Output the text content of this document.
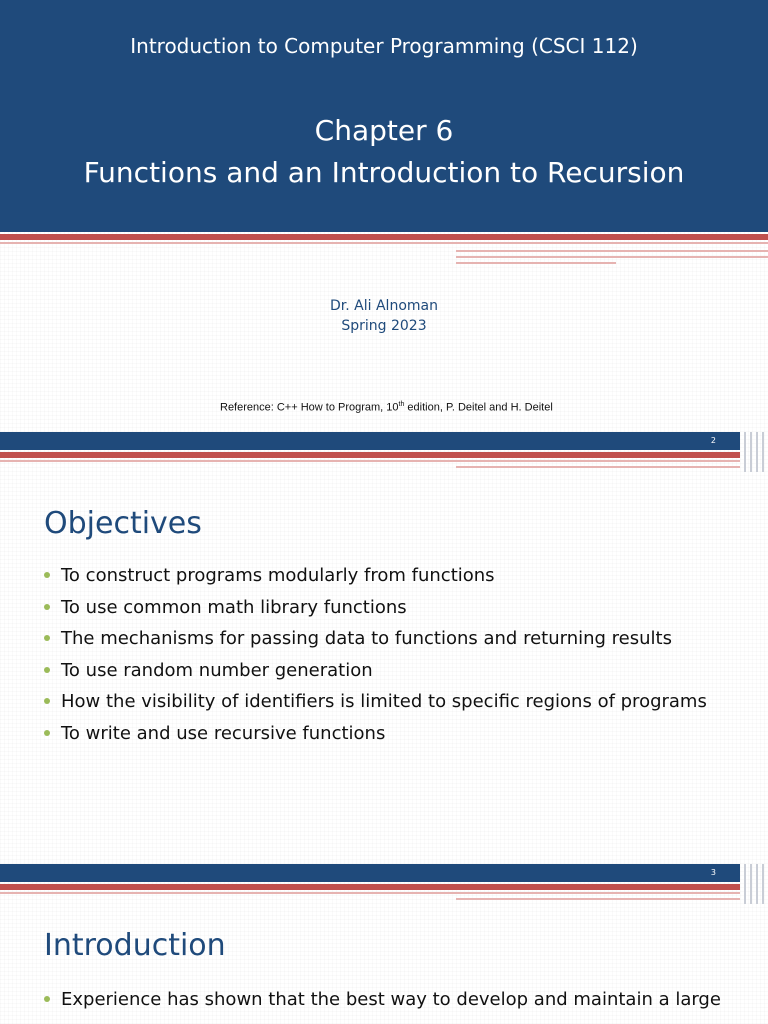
Introduction to Computer Programming (CSCI 112)
Chapter 6
Functions and an Introduction to Recursion
Dr. Ali Alnoman
Spring 2023
Reference: C++ How to Program, 10th edition, P. Deitel and H. Deitel
2
Objectives
To construct programs modularly from functions
To use common math library functions
The mechanisms for passing data to functions and returning results
To use random number generation
How the visibility of identifiers is limited to specific regions of programs
To write and use recursive functions
3
Introduction
Experience has shown that the best way to develop and maintain a large
